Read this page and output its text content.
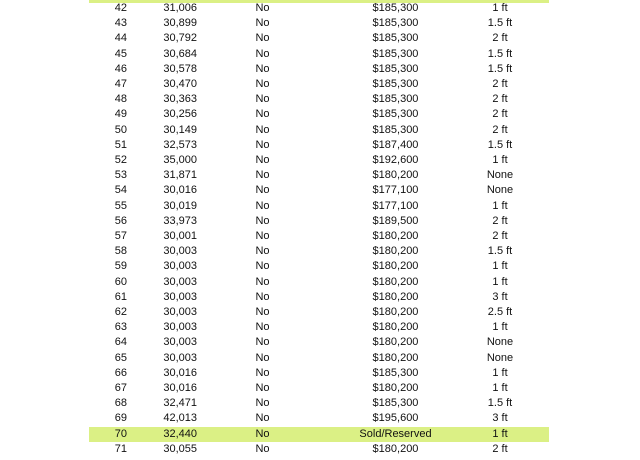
42	31,006	No	$185,300	1 ft
43	30,899	No	$185,300	1.5 ft
44	30,792	No	$185,300	2 ft
45	30,684	No	$185,300	1.5 ft
46	30,578	No	$185,300	1.5 ft
47	30,470	No	$185,300	2 ft
48	30,363	No	$185,300	2 ft
49	30,256	No	$185,300	2 ft
50	30,149	No	$185,300	2 ft
51	32,573	No	$187,400	1.5 ft
52	35,000	No	$192,600	1 ft
53	31,871	No	$180,200	None
54	30,016	No	$177,100	None
55	30,019	No	$177,100	1 ft
56	33,973	No	$189,500	2 ft
57	30,001	No	$180,200	2 ft
58	30,003	No	$180,200	1.5 ft
59	30,003	No	$180,200	1 ft
60	30,003	No	$180,200	1 ft
61	30,003	No	$180,200	3 ft
62	30,003	No	$180,200	2.5 ft
63	30,003	No	$180,200	1 ft
64	30,003	No	$180,200	None
65	30,003	No	$180,200	None
66	30,016	No	$185,300	1 ft
67	30,016	No	$180,200	1 ft
68	32,471	No	$185,300	1.5 ft
69	42,013	No	$195,600	3 ft
70	32,440	No	Sold/Reserved	1 ft
71	30,055	No	$180,200	2 ft
